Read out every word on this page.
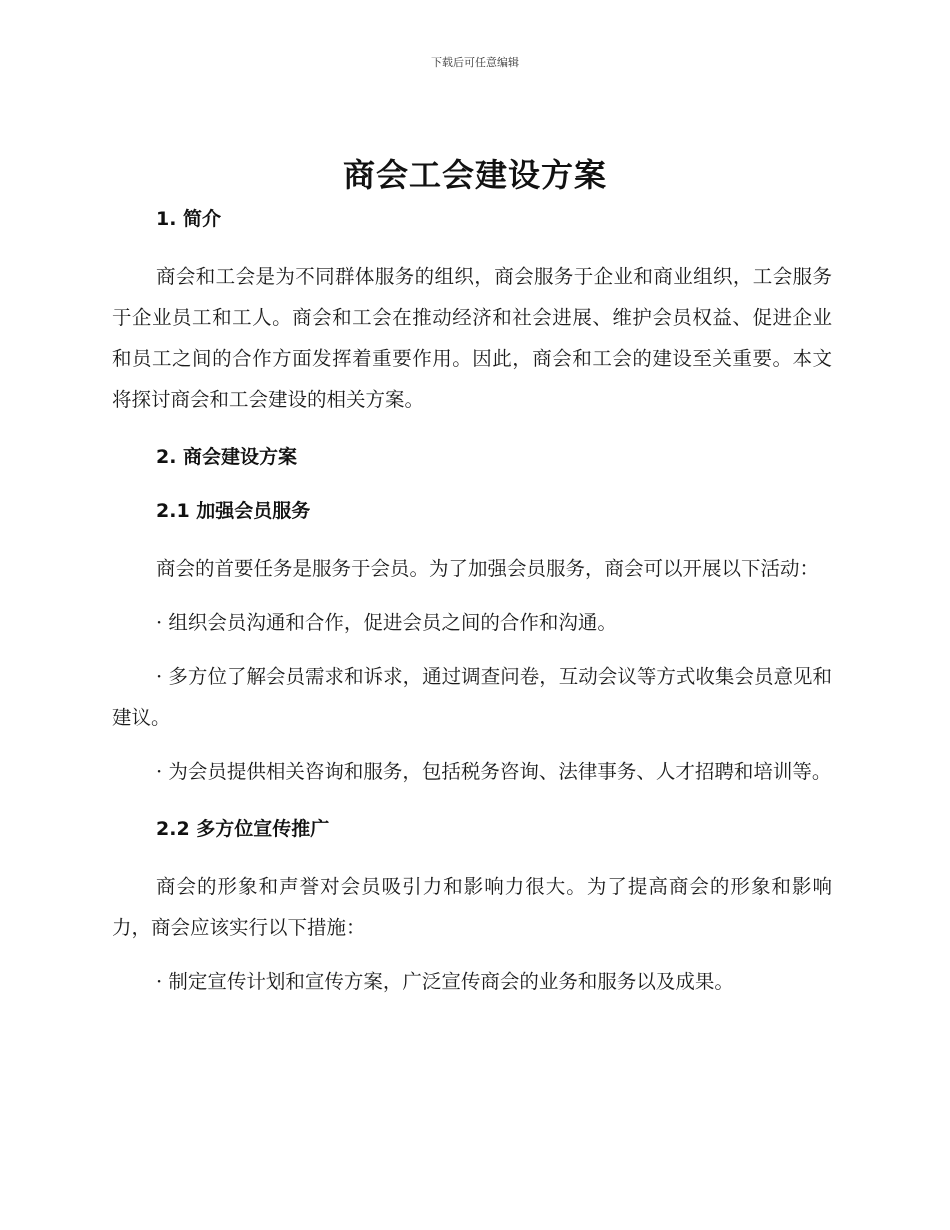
下载后可任意编辑
商会工会建设方案

1. 简介

商会和工会是为不同群体服务的组织，商会服务于企业和商业组织，工会服务于企业员工和工人。商会和工会在推动经济和社会进展、维护会员权益、促进企业和员工之间的合作方面发挥着重要作用。因此，商会和工会的建设至关重要。本文将探讨商会和工会建设的相关方案。

2. 商会建设方案

2.1 加强会员服务

商会的首要任务是服务于会员。为了加强会员服务，商会可以开展以下活动：

· 组织会员沟通和合作，促进会员之间的合作和沟通。

· 多方位了解会员需求和诉求，通过调查问卷，互动会议等方式收集会员意见和建议。

· 为会员提供相关咨询和服务，包括税务咨询、法律事务、人才招聘和培训等。

2.2 多方位宣传推广

商会的形象和声誉对会员吸引力和影响力很大。为了提高商会的形象和影响力，商会应该实行以下措施：

· 制定宣传计划和宣传方案，广泛宣传商会的业务和服务以及成果。
